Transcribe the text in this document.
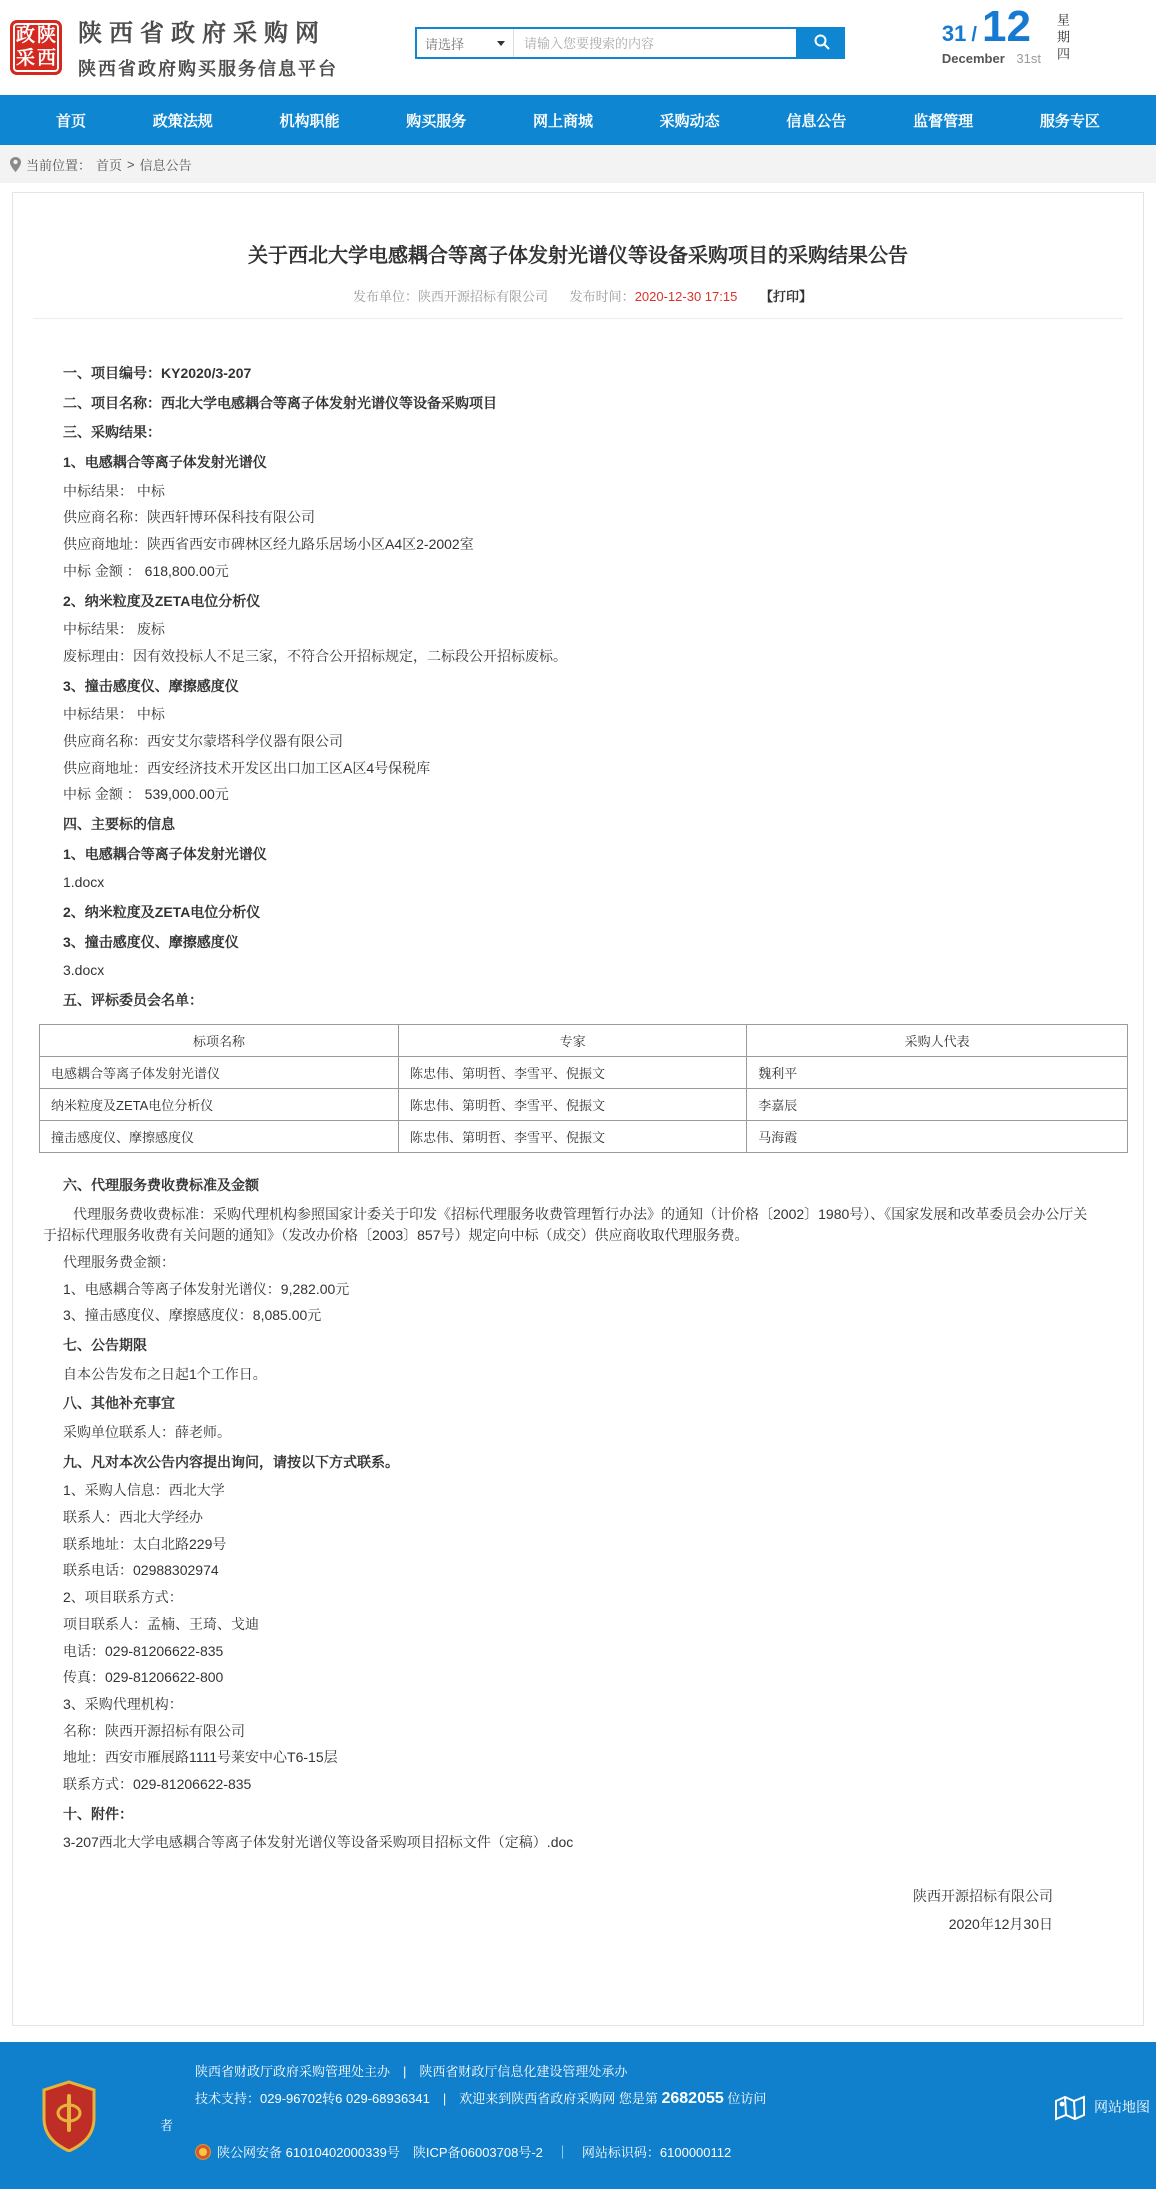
政 陕
采 西

陕西省政府采购网

陕西省政府购买服务信息平台

请选择
请输入您要搜索的内容	31 / 12
December 31st 星期四
首页	政策法规	机构职能	购买服务	网上商城	采购动态	信息公告	监督管理	服务专区
当前位置： 首页 > 信息公告
关于西北大学电感耦合等离子体发射光谱仪等设备采购项目的采购结果公告
发布单位：陕西开源招标有限公司 发布时间：2020-12-30 17:15 【打印】
一、项目编号：KY2020/3-207
二、项目名称：西北大学电感耦合等离子体发射光谱仪等设备采购项目
三、采购结果：
1、电感耦合等离子体发射光谱仪
中标结果： 中标
供应商名称：陕西轩博环保科技有限公司
供应商地址：陕西省西安市碑林区经九路乐居场小区A4区2-2002室
中标 金额 ： 618,800.00元
2、纳米粒度及ZETA电位分析仪
中标结果： 废标
废标理由：因有效投标人不足三家，不符合公开招标规定，二标段公开招标废标。
3、撞击感度仪、摩擦感度仪
中标结果： 中标
供应商名称：西安艾尔蒙塔科学仪器有限公司
供应商地址：西安经济技术开发区出口加工区A区4号保税库
中标 金额 ： 539,000.00元
四、主要标的信息
1、电感耦合等离子体发射光谱仪
1.docx
2、纳米粒度及ZETA电位分析仪
3、撞击感度仪、摩擦感度仪
3.docx
五、评标委员会名单：
标项名称	专家	采购人代表
电感耦合等离子体发射光谱仪	陈忠伟、第明哲、李雪平、倪振文	魏利平
纳米粒度及ZETA电位分析仪	陈忠伟、第明哲、李雪平、倪振文	李嘉辰
撞击感度仪、摩擦感度仪	陈忠伟、第明哲、李雪平、倪振文	马海霞
六、代理服务费收费标准及金额
代理服务费收费标准：采购代理机构参照国家计委关于印发《招标代理服务收费管理暂行办法》的通知（计价格〔2002〕1980号）、《国家发展和改革委员会办公厅关于招标代理服务收费有关问题的通知》（发改办价格〔2003〕857号）规定向中标（成交）供应商收取代理服务费。
代理服务费金额：
1、电感耦合等离子体发射光谱仪：9,282.00元
3、撞击感度仪、摩擦感度仪：8,085.00元
七、公告期限
自本公告发布之日起1个工作日。
八、其他补充事宜
采购单位联系人：薛老师。
九、凡对本次公告内容提出询问，请按以下方式联系。
1、采购人信息：西北大学
联系人：西北大学经办
联系地址：太白北路229号
联系电话：02988302974
2、项目联系方式：
项目联系人：孟楠、王琦、戈迪
电话：029-81206622-835
传真：029-81206622-800
3、采购代理机构：
名称：陕西开源招标有限公司
地址：西安市雁展路1111号莱安中心T6-15层
联系方式：029-81206622-835
十、附件：
3-207西北大学电感耦合等离子体发射光谱仪等设备采购项目招标文件（定稿）.doc
陕西开源招标有限公司
2020年12月30日
陕西省财政厅政府采购管理处主办　|　陕西省财政厅信息化建设管理处承办
技术支持：029-96702转6 029-68936341　|　欢迎来到陕西省政府采购网 您是第 2682055 位访问
者
陕公网安备 61010402000339号　陕ICP备06003708号-2　｜　网站标识码：6100000112
网站地图
